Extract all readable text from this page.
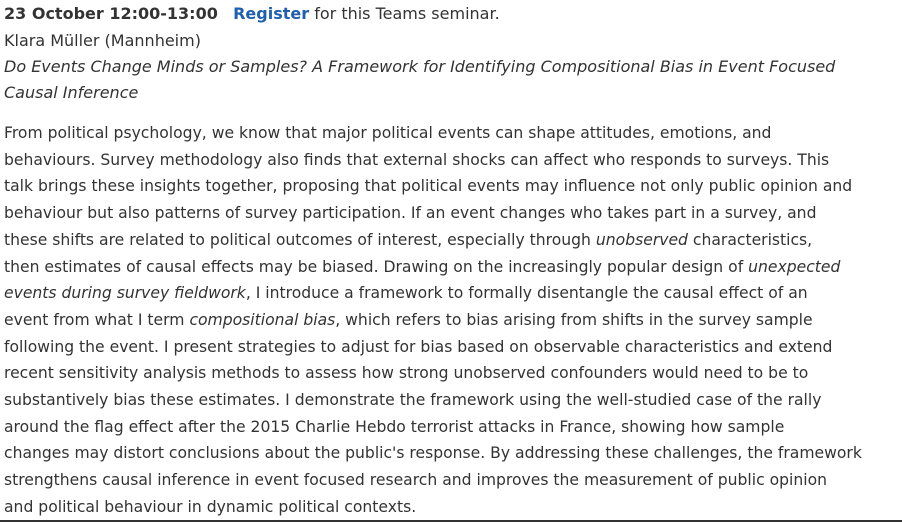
23 October 12:00-13:00 Register for this Teams seminar.
Klara Müller (Mannheim)
Do Events Change Minds or Samples? A Framework for Identifying Compositional Bias in Event Focused
Causal Inference
From political psychology, we know that major political events can shape attitudes, emotions, and
behaviours. Survey methodology also finds that external shocks can affect who responds to surveys. This
talk brings these insights together, proposing that political events may influence not only public opinion and
behaviour but also patterns of survey participation. If an event changes who takes part in a survey, and
these shifts are related to political outcomes of interest, especially through unobserved characteristics,
then estimates of causal effects may be biased. Drawing on the increasingly popular design of unexpected
events during survey fieldwork, I introduce a framework to formally disentangle the causal effect of an
event from what I term compositional bias, which refers to bias arising from shifts in the survey sample
following the event. I present strategies to adjust for bias based on observable characteristics and extend
recent sensitivity analysis methods to assess how strong unobserved confounders would need to be to
substantively bias these estimates. I demonstrate the framework using the well-studied case of the rally
around the flag effect after the 2015 Charlie Hebdo terrorist attacks in France, showing how sample
changes may distort conclusions about the public's response. By addressing these challenges, the framework
strengthens causal inference in event focused research and improves the measurement of public opinion
and political behaviour in dynamic political contexts.
